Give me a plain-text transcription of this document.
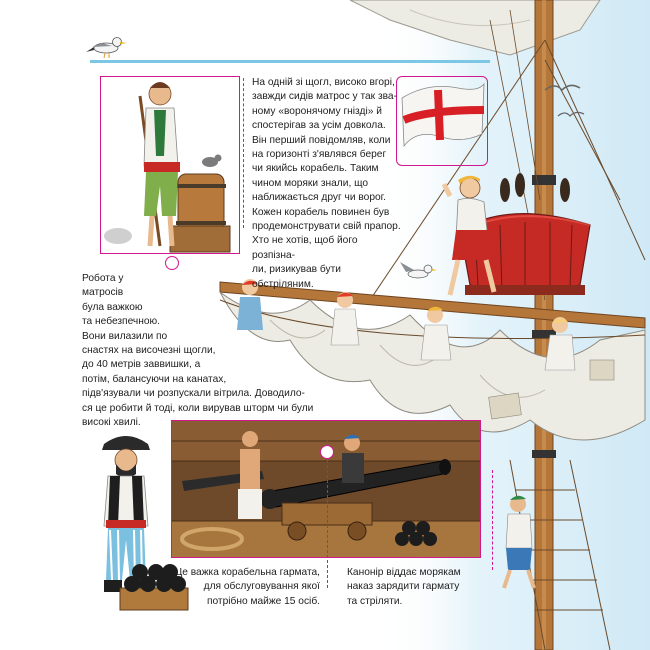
На одній зі щогл, високо вгорі,
завжди сидів матрос у так зва-
ному «воронячому гнізді» й
спостерігав за усім довкола.
Він перший повідомляв, коли
на горизонті з'являвся берег
чи якийсь корабель. Таким
чином моряки знали, що
наближається друг чи ворог.
Кожен корабель повинен був
продемонструвати свій прапор.
Хто не хотів, щоб його розпізна-
ли, ризикував бути обстріляним.

Робота у
матросів
була важкою
та небезпечною.
Вони вилазили по
снастях на височезні щогли,
до 40 метрів заввишки, а
потім, балансуючи на канатах,
підв'язували чи розпускали вітрила. Доводило-
ся це робити й тоді, коли вирував шторм чи були
високі хвилі.

Це важка корабельна гармата,
для обслуговування якої
потрібно майже 15 осіб.

Канонір віддає морякам
наказ зарядити гармату
та стріляти.
